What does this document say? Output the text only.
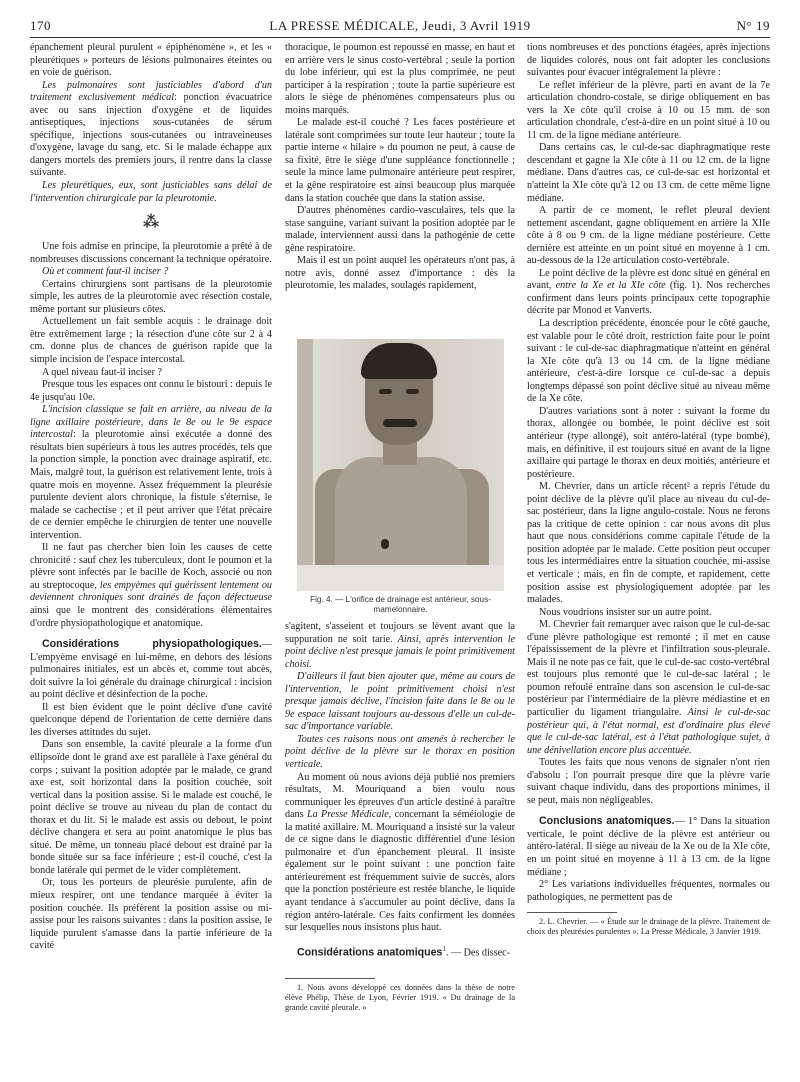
170	LA PRESSE MÉDICALE, Jeudi, 3 Avril 1919	N° 19

épanchement pleural purulent « épiphénomène », et les « pleurétiques » porteurs de lésions pulmonaires éteintes ou en voie de guérison.

Les pulmonaires sont justiciables d'abord d'un traitement exclusivement médical: ponction évacuatrice avec ou sans injection d'oxygène et de liquides antiseptiques, injections sous-cutanées de sérum spécifique, injections sous-cutanées ou intraveineuses d'oxygène, lavage du sang, etc. Si le malade échappe aux dangers mortels des premiers jours, il rentre dans la classe suivante.

Les pleurétiques, eux, sont justiciables sans délai de l'intervention chirurgicale par la pleurotomie.

⁂

Une fois admise en principe, la pleurotomie a prêté à de nombreuses discussions concernant la technique opératoire.

Où et comment faut-il inciser ?

Certains chirurgiens sont partisans de la pleurotomie simple, les autres de la pleurotomie avec résection costale, même portant sur plusieurs côtes.

Actuellement un fait semble acquis : le drainage doit être extrêmement large ; la résection d'une côte sur 2 à 4 cm. donne plus de chances de guérison rapide que la simple incision de l'espace intercostal.

A quel niveau faut-il inciser ?

Presque tous les espaces ont connu le bistouri : depuis le 4e jusqu'au 10e.

L'incision classique se fait en arrière, au niveau de la ligne axillaire postérieure, dans le 8e ou le 9e espace intercostal: la pleurotomie ainsi exécutée a donné des résultats bien supérieurs à tous les autres procédés, tels que la ponction simple, la ponction avec drainage aspiratif, etc. Mais, malgré tout, la guérison est relativement lente, trois à quatre mois en moyenne. Assez fréquemment la pleurésie purulente devient alors chronique, la fistule s'éternise, le malade se cachectise ; et il peut arriver que l'état précaire de ce dernier empêche le chirurgien de tenter une nouvelle intervention.

Il ne faut pas chercher bien loin les causes de cette chronicité : sauf chez les tuberculeux, dont le poumon et la plèvre sont infectés par le bacille de Koch, associé ou non au streptocoque, les empyèmes qui guérissent lentement ou deviennent chroniques sont drainés de façon défectueuse ainsi que le montrent des considérations élémentaires d'ordre physiopathologique et anatomique.

Considérations physiopathologiques.— L'empyème envisagé en lui-même, en dehors des lésions pulmonaires initiales, est un abcès et, comme tout abcès, doit suivre la loi générale du drainage chirurgical : incision au point déclive et désinfection de la poche.

Il est bien évident que le point déclive d'une cavité quelconque dépend de l'orientation de cette dernière dans les diverses attitudes du sujet.

Dans son ensemble, la cavité pleurale a la forme d'un ellipsoïde dont le grand axe est parallèle à l'axe général du corps ; suivant la position adoptée par le malade, ce grand axe est, soit horizontal dans la position couchée, soit vertical dans la position assise. Si le malade est couché, le point déclive se trouve au niveau du plan de contact du thorax et du lit. Si le malade est assis ou debout, le point déclive changera et sera au point anatomique le plus bas situé. De même, un tonneau placé debout est drainé par la bonde située sur sa face inférieure ; est-il couché, c'est la bonde latérale qui permet de le vider complètement.

Or, tous les porteurs de pleurésie purulente, afin de mieux respirer, ont une tendance marquée à éviter la position couchée. Ils préfèrent la position assise ou mi-assise pour les raisons suivantes : dans la position assise, le liquide purulent s'amasse dans la partie inférieure de la cavité

thoracique, le poumon est repoussé en masse, en haut et en arrière vers le sinus costo-vertébral ; seule la portion du lobe inférieur, qui est la plus comprimée, ne peut participer à la respiration ; toute la partie supérieure est alors le siège de phénomènes compensateurs plus ou moins marqués.

Le malade est-il couché ? Les faces postérieure et latérale sont comprimées sur toute leur hauteur ; toute la partie interne « hilaire » du poumon ne peut, à cause de sa fixité, être le siège d'une suppléance fonctionnelle ; seule la mince lame pulmonaire antérieure peut respirer, et la gêne respiratoire est ainsi beaucoup plus marquée dans la station couchée que dans la station assise.

D'autres phénomènes cardio-vasculaires, tels que la stase sanguine, variant suivant la position adoptée par le malade, interviennent aussi dans la pathogénie de cette gêne respiratoire.

Mais il est un point auquel les opérateurs n'ont pas, à notre avis, donné assez d'importance : dès la pleurotomie, les malades, soulagés rapidement,

Fig. 4. — L'orifice de drainage est antérieur, sous-mamelonnaire.

s'agitent, s'asseient et toujours se lèvent avant que la suppuration ne soit tarie. Ainsi, après intervention le point déclive n'est presque jamais le point primitivement choisi.

D'ailleurs il faut bien ajouter que, même au cours de l'intervention, le point primitivement choisi n'est presque jamais déclive, l'incision faite dans le 8e ou le 9e espace laissant toujours au-dessous d'elle un cul-de-sac d'importance variable.

Toutes ces raisons nous ont amenés à rechercher le point déclive de la plèvre sur le thorax en position verticale.

Au moment où nous avions déjà publié nos premiers résultats, M. Mouriquand a bien voulu nous communiquer les épreuves d'un article destiné à paraître dans La Presse Médicale, concernant la séméiologie de la matité axillaire. M. Mouriquand a insisté sur la valeur de ce signe dans le diagnostic différentiel d'une lésion pulmonaire et d'un épanchement pleural. Il insiste également sur le point suivant : une ponction faite antérieurement est fréquemment suivie de succès, alors que la ponction postérieure est restée blanche, le liquide ayant tendance à s'accumuler au point déclive, dans la région antéro-latérale. Ces faits confirment les données sur lesquelles nous insistons plus haut.

Considérations anatomiques$^1$. — Des dissec-

1. Nous avons développé ces données dans la thèse de notre élève Phélip, Thèse de Lyon, Février 1919. « Du drainage de la grande cavité pleurale. »

tions nombreuses et des ponctions étagées, après injections de liquides colorés, nous ont fait adopter les conclusions suivantes pour évacuer intégralement la plèvre :

Le reflet inférieur de la plèvre, parti en avant de la 7e articulation chondro-costale, se dirige obliquement en bas vers la Xe côte qu'il croise à 10 ou 15 mm. de son articulation chondrale, c'est-à-dire en un point situé à 10 ou 11 cm. de la ligne médiane antérieure.

Dans certains cas, le cul-de-sac diaphragmatique reste descendant et gagne la XIe côte à 11 ou 12 cm. de la ligne médiane. Dans d'autres cas, ce cul-de-sac est horizontal et n'atteint la XIe côte qu'à 12 ou 13 cm. de cette même ligne médiane.

A partir de ce moment, le reflet pleural devient nettement ascendant, gagne obliquement en arrière la XIIe côte à 8 ou 9 cm. de la ligne médiane postérieure. Cette dernière est atteinte en un point situé en moyenne à 1 cm. au-dessous de la 12e articulation costo-vertébrale.

Le point déclive de la plèvre est donc situé en général en avant, entre la Xe et la XIe côte (fig. 1). Nos recherches confirment dans leurs points principaux cette topographie décrite par Monod et Vanverts.

La description précédente, énoncée pour le côté gauche, est valable pour le côté droit, restriction faite pour le point suivant : le cul-de-sac diaphragmatique n'atteint en général la XIe côte qu'à 13 ou 14 cm. de la ligne médiane antérieure, c'est-à-dire lorsque ce cul-de-sac a depuis longtemps dépassé son point déclive situé au niveau même de la Xe côte.

D'autres variations sont à noter : suivant la forme du thorax, allongée ou bombée, le point déclive est soit antérieur (type allongé), soit antéro-latéral (type bombé), mais, en définitive, il est toujours situé en avant de la ligne axillaire qui partage le thorax en deux moitiés, antérieure et postérieure.

M. Chevrier, dans un article récent² a repris l'étude du point déclive de la plèvre qu'il place au niveau du cul-de-sac postérieur, dans la ligne angulo-costale. Nous ne ferons pas la critique de cette opinion : car nous avons dit plus haut que nous considérions comme capitale l'étude de la position adoptée par le malade. Cette position peut occuper tous les intermédiaires entre la situation couchée, mi-assise et verticale ; mais, en fin de compte, et rapidement, cette position assise est physiologiquement adoptée par les malades.

Nous voudrions insister sur un autre point.

M. Chevrier fait remarquer avec raison que le cul-de-sac d'une plèvre pathologique est remonté ; il met en cause l'épaississement de la plèvre et l'infiltration sous-pleurale. Mais il ne note pas ce fait, que le cul-de-sac costo-vertébral est toujours plus remonté que le cul-de-sac latéral ; le poumon refoulé entraîne dans son ascension le cul-de-sac postérieur par l'intermédiaire de la plèvre médiastine et en particulier du ligament triangulaire. Ainsi le cul-de-sac postérieur qui, à l'état normal, est d'ordinaire plus élevé que le cul-de-sac latéral, est à l'état pathologique sujet, à une dénivellation encore plus accentuée.

Toutes les faits que nous venons de signaler n'ont rien d'absolu ; l'on pourrait presque dire que la plèvre varie suivant chaque individu, dans des proportions minimes, il se peut, mais non négligeables.

Conclusions anatomiques.— 1° Dans la situation verticale, le point déclive de la plèvre est antérieur ou antéro-latéral. Il siège au niveau de la Xe ou de la XIe côte, en un point situé en moyenne à 11 à 13 cm. de la ligne médiane ;

2° Les variations individuelles fréquentes, normales ou pathologiques, ne permettent pas de

2. L. Chevrier. — « Étude sur le drainage de la plèvre. Traitement de choix des pleurésies purulentes ». La Presse Médicale, 3 Janvier 1919.
